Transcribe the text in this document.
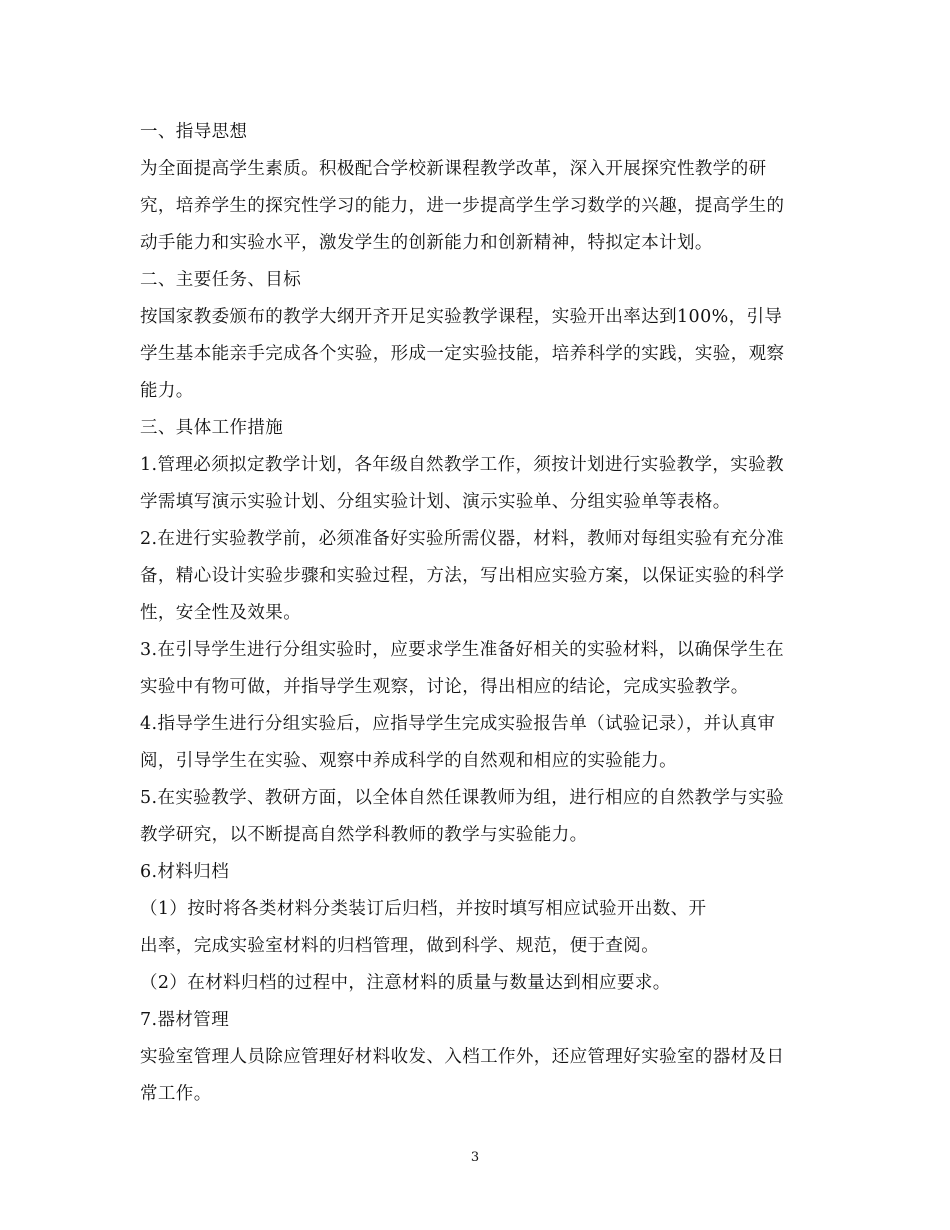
一、指导思想
为全面提高学生素质。积极配合学校新课程教学改革，深入开展探究性教学的研
究，培养学生的探究性学习的能力，进一步提高学生学习数学的兴趣，提高学生的
动手能力和实验水平，激发学生的创新能力和创新精神，特拟定本计划。
二、主要任务、目标
按国家教委颁布的教学大纲开齐开足实验教学课程，实验开出率达到100%，引导
学生基本能亲手完成各个实验，形成一定实验技能，培养科学的实践，实验，观察
能力。
三、具体工作措施
1.管理必须拟定教学计划，各年级自然教学工作，须按计划进行实验教学，实验教
学需填写演示实验计划、分组实验计划、演示实验单、分组实验单等表格。
2.在进行实验教学前，必须准备好实验所需仪器，材料，教师对每组实验有充分准
备，精心设计实验步骤和实验过程，方法，写出相应实验方案，以保证实验的科学
性，安全性及效果。
3.在引导学生进行分组实验时，应要求学生准备好相关的实验材料，以确保学生在
实验中有物可做，并指导学生观察，讨论，得出相应的结论，完成实验教学。
4.指导学生进行分组实验后，应指导学生完成实验报告单（试验记录），并认真审
阅，引导学生在实验、观察中养成科学的自然观和相应的实验能力。
5.在实验教学、教研方面，以全体自然任课教师为组，进行相应的自然教学与实验
教学研究，以不断提高自然学科教师的教学与实验能力。
6.材料归档
（1）按时将各类材料分类装订后归档，并按时填写相应试验开出数、开
出率，完成实验室材料的归档管理，做到科学、规范，便于查阅。
（2）在材料归档的过程中，注意材料的质量与数量达到相应要求。
7.器材管理
实验室管理人员除应管理好材料收发、入档工作外，还应管理好实验室的器材及日
常工作。
3
